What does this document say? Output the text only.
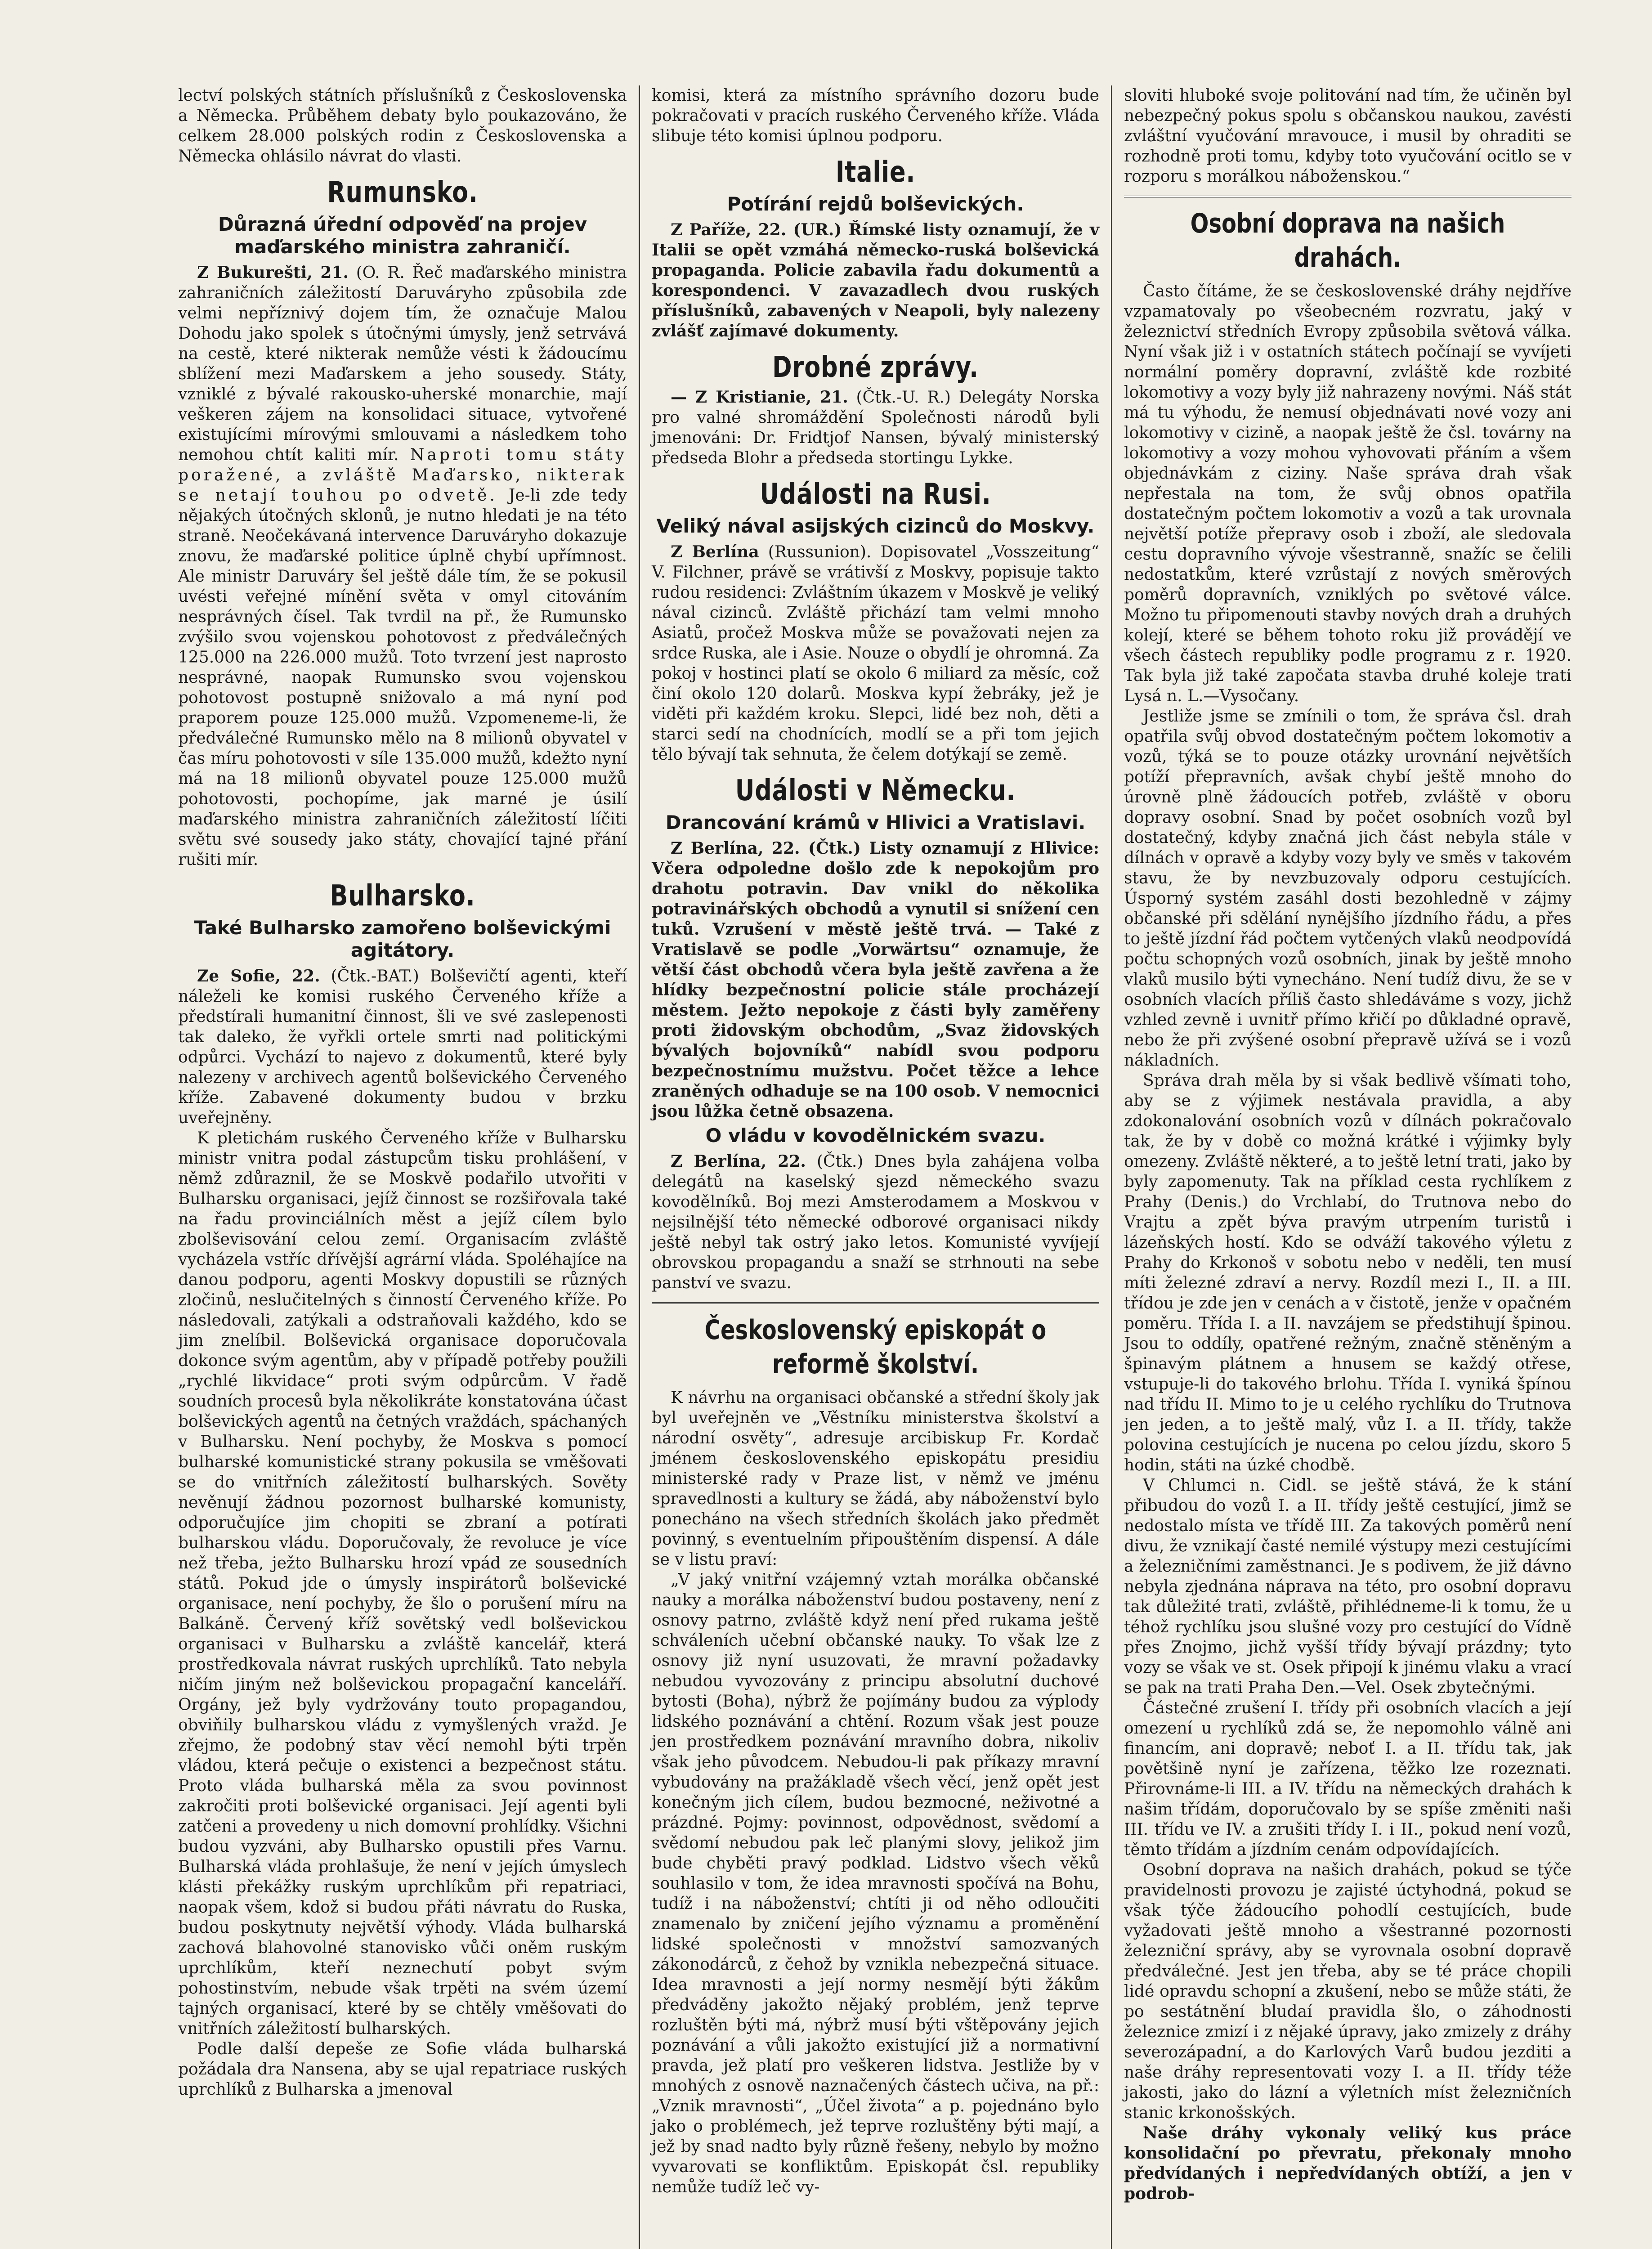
lectví polských státních příslušníků z Československa a Německa. Průběhem debaty bylo poukazováno, že celkem 28.000 polských rodin z Československa a Německa ohlásilo návrat do vlasti.

Rumunsko.
Důrazná úřední odpověď na projev maďarského ministra zahraničí.

Z Bukurešti, 21. (O. R. Řeč maďarského ministra zahraničních záležitostí Daruváryho způsobila zde velmi nepříznivý dojem tím, že označuje Malou Dohodu jako spolek s útočnými úmysly, jenž setrvává na cestě, které nikterak nemůže vésti k žádoucímu sblížení mezi Maďarskem a jeho sousedy. Státy, vzniklé z bývalé rakousko-uherské monarchie, mají veškeren zájem na konsolidaci situace, vytvořené existujícími mírovými smlouvami a následkem toho nemohou chtít kaliti mír. Naproti tomu státy poražené, a zvláště Maďarsko, nikterak se netají touhou po odvetě. Je-li zde tedy nějakých útočných sklonů, je nutno hledati je na této straně. Neočekávaná intervence Daruváryho dokazuje znovu, že maďarské politice úplně chybí upřímnost. Ale ministr Daruváry šel ještě dále tím, že se pokusil uvésti veřejné mínění světa v omyl citováním nesprávných čísel. Tak tvrdil na př., že Rumunsko zvýšilo svou vojenskou pohotovost z předválečných 125.000 na 226.000 mužů. Toto tvrzení jest naprosto nesprávné, naopak Rumunsko svou vojenskou pohotovost postupně snižovalo a má nyní pod praporem pouze 125.000 mužů. Vzpomeneme-li, že předválečné Rumunsko mělo na 8 milionů obyvatel v čas míru pohotovosti v síle 135.000 mužů, kdežto nyní má na 18 milionů obyvatel pouze 125.000 mužů pohotovosti, pochopíme, jak marné je úsilí maďarského ministra zahraničních záležitostí líčiti světu své sousedy jako státy, chovající tajné přání rušiti mír.

Bulharsko.
Také Bulharsko zamořeno bolševickými agitátory.

Ze Sofie, 22. (Čtk.-BAT.) Bolševičtí agenti, kteří náleželi ke komisi ruského Červeného kříže a předstírali humanitní činnost, šli ve své zaslepenosti tak daleko, že vyřkli ortele smrti nad politickými odpůrci. Vychází to najevo z dokumentů, které byly nalezeny v archivech agentů bolševického Červeného kříže. Zabavené dokumenty budou v brzku uveřejněny.

K pletichám ruského Červeného kříže v Bulharsku ministr vnitra podal zástupcům tisku prohlášení, v němž zdůraznil, že se Moskvě podařilo utvořiti v Bulharsku organisaci, jejíž činnost se rozšiřovala také na řadu provinciálních měst a jejíž cílem bylo zbolševisování celou zemí. Organisacím zvláště vycházela vstříc dřívější agrární vláda. Spoléhajíce na danou podporu, agenti Moskvy dopustili se různých zločinů, neslučitelných s činností Červeného kříže. Po následovali, zatýkali a odstraňovali každého, kdo se jim znelíbil. Bolševická organisace doporučovala dokonce svým agentům, aby v případě potřeby použili „rychlé likvidace“ proti svým odpůrcům. V řadě soudních procesů byla několikráte konstatována účast bolševických agentů na četných vraždách, spáchaných v Bulharsku. Není pochyby, že Moskva s pomocí bulharské komunistické strany pokusila se vměšovati se do vnitřních záležitostí bulharských. Sověty nevěnují žádnou pozornost bulharské komunisty, odporučujíce jim chopiti se zbraní a potírati bulharskou vládu. Doporučovaly, že revoluce je více než třeba, ježto Bulharsku hrozí vpád ze sousedních států. Pokud jde o úmysly inspirátorů bolševické organisace, není pochyby, že šlo o porušení míru na Balkáně. Červený kříž sovětský vedl bolševickou organisaci v Bulharsku a zvláště kancelář, která prostředkovala návrat ruských uprchlíků. Tato nebyla ničím jiným než bolševickou propagační kanceláří. Orgány, jež byly vydržovány touto propagandou, obviňily bulharskou vládu z vymyšlených vražd. Je zřejmo, že podobný stav věcí nemohl býti trpěn vládou, která pečuje o existenci a bezpečnost státu. Proto vláda bulharská měla za svou povinnost zakročiti proti bolševické organisaci. Její agenti byli zatčeni a provedeny u nich domovní prohlídky. Všichni budou vyzváni, aby Bulharsko opustili přes Varnu. Bulharská vláda prohlašuje, že není v jejích úmyslech klásti překážky ruským uprchlíkům při repatriaci, naopak všem, kdož si budou přáti návratu do Ruska, budou poskytnuty největší výhody. Vláda bulharská zachová blahovolné stanovisko vůči oněm ruským uprchlíkům, kteří neznechutí pobyt svým pohostinstvím, nebude však trpěti na svém území tajných organisací, které by se chtěly vměšovati do vnitřních záležitostí bulharských.

Podle další depeše ze Sofie vláda bulharská požádala dra Nansena, aby se ujal repatriace ruských uprchlíků z Bulharska a jmenoval

komisi, která za místního správního dozoru bude pokračovati v pracích ruského Červeného kříže. Vláda slibuje této komisi úplnou podporu.

Italie.
Potírání rejdů bolševických.

Z Paříže, 22. (UR.) Římské listy oznamují, že v Italii se opět vzmáhá německo-ruská bolševická propaganda. Policie zabavila řadu dokumentů a korespondenci. V zavazadlech dvou ruských příslušníků, zabavených v Neapoli, byly nalezeny zvlášť zajímavé dokumenty.

Drobné zprávy.

— Z Kristianie, 21. (Čtk.-U. R.) Delegáty Norska pro valné shromáždění Společnosti národů byli jmenováni: Dr. Fridtjof Nansen, bývalý ministerský předseda Blohr a předseda stortingu Lykke.

Události na Rusi.
Veliký nával asijských cizinců do Moskvy.

Z Berlína (Russunion). Dopisovatel „Vosszeitung“ V. Filchner, právě se vrátivší z Moskvy, popisuje takto rudou residenci: Zvláštním úkazem v Moskvě je veliký nával cizinců. Zvláště přichází tam velmi mnoho Asiatů, pročež Moskva může se považovati nejen za srdce Ruska, ale i Asie. Nouze o obydlí je ohromná. Za pokoj v hostinci platí se okolo 6 miliard za měsíc, což činí okolo 120 dolarů. Moskva kypí žebráky, jež je viděti při každém kroku. Slepci, lidé bez noh, děti a starci sedí na chodnících, modlí se a při tom jejich tělo bývají tak sehnuta, že čelem dotýkají se země.

Události v Německu.
Drancování krámů v Hlivici a Vratislavi.

Z Berlína, 22. (Čtk.) Listy oznamují z Hlivice: Včera odpoledne došlo zde k nepokojům pro drahotu potravin. Dav vnikl do několika potravinářských obchodů a vynutil si snížení cen tuků. Vzrušení v městě ještě trvá. — Také z Vratislavě se podle „Vorwärtsu“ oznamuje, že větší část obchodů včera byla ještě zavřena a že hlídky bezpečnostní policie stále procházejí městem. Ježto nepokoje z části byly zaměřeny proti židovským obchodům, „Svaz židovských bývalých bojovníků“ nabídl svou podporu bezpečnostnímu mužstvu. Počet těžce a lehce zraněných odhaduje se na 100 osob. V nemocnici jsou lůžka četně obsazena.

O vládu v kovodělnickém svazu.

Z Berlína, 22. (Čtk.) Dnes byla zahájena volba delegátů na kaselský sjezd německého svazu kovodělníků. Boj mezi Amsterodamem a Moskvou v nejsilnější této německé odborové organisaci nikdy ještě nebyl tak ostrý jako letos. Komunisté vyvíjejí obrovskou propagandu a snaží se strhnouti na sebe panství ve svazu.

Československý episkopát o reformě školství.

K návrhu na organisaci občanské a střední školy jak byl uveřejněn ve „Věstníku ministerstva školství a národní osvěty“, adresuje arcibiskup Fr. Kordač jménem československého episkopátu presidiu ministerské rady v Praze list, v němž ve jménu spravedlnosti a kultury se žádá, aby náboženství bylo ponecháno na všech středních školách jako předmět povinný, s eventuelním připouštěním dispensí. A dále se v listu praví:

„V jaký vnitřní vzájemný vztah morálka občanské nauky a morálka náboženství budou postaveny, není z osnovy patrno, zvláště když není před rukama ještě schváleních učební občanské nauky. To však lze z osnovy již nyní usuzovati, že mravní požadavky nebudou vyvozovány z principu absolutní duchové bytosti (Boha), nýbrž že pojímány budou za výplody lidského poznávání a chtění. Rozum však jest pouze jen prostředkem poznávání mravního dobra, nikoliv však jeho původcem. Nebudou-li pak příkazy mravní vybudovány na pražákladě všech věcí, jenž opět jest konečným jich cílem, budou bezmocné, neživotné a prázdné. Pojmy: povinnost, odpovědnost, svědomí a svědomí nebudou pak leč planými slovy, jelikož jim bude chyběti pravý podklad. Lidstvo všech věků souhlasilo v tom, že idea mravnosti spočívá na Bohu, tudíž i na náboženství; chtíti ji od něho odloučiti znamenalo by zničení jejího významu a proměnění lidské společnosti v množství samozvaných zákonodárců, z čehož by vznikla nebezpečná situace. Idea mravnosti a její normy nesmějí býti žákům předváděny jakožto nějaký problém, jenž teprve rozluštěn býti má, nýbrž musí býti vštěpovány jejich poznávání a vůli jakožto existující již a normativní pravda, jež platí pro veškeren lidstva. Jestliže by v mnohých z osnově naznačených částech učiva, na př.: „Vznik mravnosti“, „Účel života“ a p. pojednáno bylo jako o problémech, jež teprve rozluštěny býti mají, a jež by snad nadto byly různě řešeny, nebylo by možno vyvarovati se konfliktům. Episkopát čsl. republiky nemůže tudíž leč vy-

sloviti hluboké svoje politování nad tím, že učiněn byl nebezpečný pokus spolu s občanskou naukou, zavésti zvláštní vyučování mravouce, i musil by ohraditi se rozhodně proti tomu, kdyby toto vyučování ocitlo se v rozporu s morálkou náboženskou.“

Osobní doprava na našich drahách.

Často čítáme, že se československé dráhy nejdříve vzpamatovaly po všeobecném rozvratu, jaký v železnictví středních Evropy způsobila světová válka. Nyní však již i v ostatních státech počínají se vyvíjeti normální poměry dopravní, zvláště kde rozbité lokomotivy a vozy byly již nahrazeny novými. Náš stát má tu výhodu, že nemusí objednávati nové vozy ani lokomotivy v cizině, a naopak ještě že čsl. továrny na lokomotivy a vozy mohou vyhovovati přáním a všem objednávkám z ciziny. Naše správa drah však nepřestala na tom, že svůj obnos opatřila dostatečným počtem lokomotiv a vozů a tak urovnala největší potíže přepravy osob i zboží, ale sledovala cestu dopravního vývoje všestranně, snažíc se čelili nedostatkům, které vzrůstají z nových směrových poměrů dopravních, vzniklých po světové válce. Možno tu připomenouti stavby nových drah a druhých kolejí, které se během tohoto roku již provádějí ve všech částech republiky podle programu z r. 1920. Tak byla již také započata stavba druhé koleje trati Lysá n. L.—Vysočany.

Jestliže jsme se zmínili o tom, že správa čsl. drah opatřila svůj obvod dostatečným počtem lokomotiv a vozů, týká se to pouze otázky urovnání největších potíží přepravních, avšak chybí ještě mnoho do úrovně plně žádoucích potřeb, zvláště v oboru dopravy osobní. Snad by počet osobních vozů byl dostatečný, kdyby značná jich část nebyla stále v dílnách v opravě a kdyby vozy byly ve směs v takovém stavu, že by nevzbuzovaly odporu cestujících. Úsporný systém zasáhl dosti bezohledně v zájmy občanské při sdělání nynějšího jízdního řádu, a přes to ještě jízdní řád počtem vytčených vlaků neodpovídá počtu schopných vozů osobních, jinak by ještě mnoho vlaků musilo býti vynecháno. Není tudíž divu, že se v osobních vlacích příliš často shledáváme s vozy, jichž vzhled zevně i uvnitř přímo křičí po důkladné opravě, nebo že při zvýšené osobní přepravě užívá se i vozů nákladních.

Správa drah měla by si však bedlivě všímati toho, aby se z výjimek nestávala pravidla, a aby zdokonalování osobních vozů v dílnách pokračovalo tak, že by v době co možná krátké i výjimky byly omezeny. Zvláště některé, a to ještě letní trati, jako by byly zapomenuty. Tak na příklad cesta rychlíkem z Prahy (Denis.) do Vrchlabí, do Trutnova nebo do Vrajtu a zpět býva pravým utrpením turistů i lázeňských hostí. Kdo se odváží takového výletu z Prahy do Krkonoš v sobotu nebo v neděli, ten musí míti železné zdraví a nervy. Rozdíl mezi I., II. a III. třídou je zde jen v cenách a v čistotě, jenže v opačném poměru. Třída I. a II. navzájem se předstihují špinou. Jsou to oddíly, opatřené režným, značně stěněným a špinavým plátnem a hnusem se každý otřese, vstupuje-li do takového brlohu. Třída I. vyniká špínou nad třídu II. Mimo to je u celého rychlíku do Trutnova jen jeden, a to ještě malý, vůz I. a II. třídy, takže polovina cestujících je nucena po celou jízdu, skoro 5 hodin, státi na úzké chodbě.

V Chlumci n. Cidl. se ještě stává, že k stání přibudou do vozů I. a II. třídy ještě cestující, jimž se nedostalo místa ve třídě III. Za takových poměrů není divu, že vznikají časté nemilé výstupy mezi cestujícími a železničními zaměstnanci. Je s podivem, že již dávno nebyla zjednána náprava na této, pro osobní dopravu tak důležité trati, zvláště, přihlédneme-li k tomu, že u téhož rychlíku jsou slušné vozy pro cestující do Vídně přes Znojmo, jichž vyšší třídy bývají prázdny; tyto vozy se však ve st. Osek připojí k jinému vlaku a vrací se pak na trati Praha Den.—Vel. Osek zbytečnými.

Částečné zrušení I. třídy při osobních vlacích a její omezení u rychlíků zdá se, že nepomohlo válně ani financím, ani dopravě; neboť I. a II. třídu tak, jak povětšině nyní je zařízena, těžko lze rozeznati. Přirovnáme-li III. a IV. třídu na německých drahách k našim třídám, doporučovalo by se spíše změniti naši III. třídu ve IV. a zrušiti třídy I. i II., pokud není vozů, těmto třídám a jízdním cenám odpovídajících.

Osobní doprava na našich drahách, pokud se týče pravidelnosti provozu je zajisté úctyhodná, pokud se však týče žádoucího pohodlí cestujících, bude vyžadovati ještě mnoho a všestranné pozornosti železniční správy, aby se vyrovnala osobní dopravě předválečné. Jest jen třeba, aby se té práce chopili lidé opravdu schopní a zkušení, nebo se může státi, že po sestátnění bludaí pravidla šlo, o záhodnosti železnice zmizí i z nějaké úpravy, jako zmizely z dráhy severozápadní, a do Karlových Varů budou jezditi a naše dráhy representovati vozy I. a II. třídy téže jakosti, jako do lázní a výletních míst železničních stanic krkonošských.

Naše dráhy vykonaly veliký kus práce konsolidační po převratu, překonaly mnoho předvídaných i nepředvídaných obtíží, a jen v podrob-
